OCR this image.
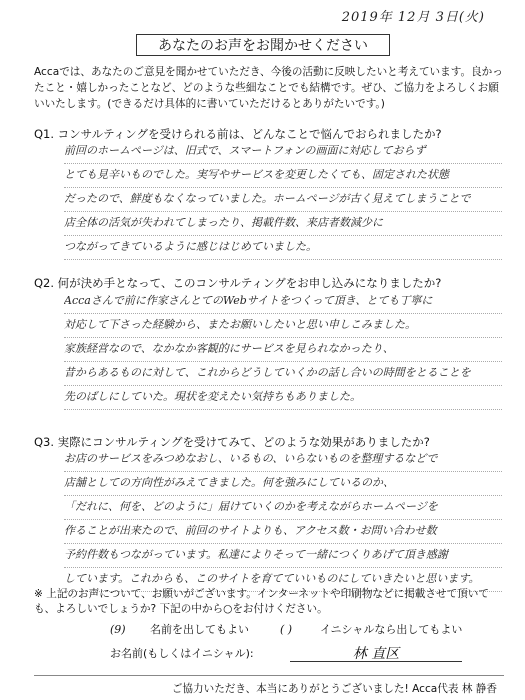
2019年 12月 3日(火)
あなたのお声をお聞かせください
Accaでは、あなたのご意見を聞かせていただき、今後の活動に反映したいと考えています。良かったこと・嬉しかったことなど、どのような些細なことでも結構です。ぜひ、ご協力をよろしくお願いいたします。(できるだけ具体的に書いていただけるとありがたいです。)
Q1. コンサルティングを受けられる前は、どんなことで悩んでおられましたか?
前回のホームページは、旧式で、スマートフォンの画面に対応しておらず
とても見辛いものでした。実写やサービスを変更したくても、固定された状態
だったので、鮮度もなくなっていました。ホームページが古く見えてしまうことで
店全体の活気が失われてしまったり、掲載件数、来店者数減少に
つながってきているように感じはじめていました。
Q2. 何が決め手となって、このコンサルティングをお申し込みになりましたか?
Accaさんで前に作家さんとてのWebサイトをつくって頂き、とても丁寧に
対応して下さった経験から、またお願いしたいと思い申しこみました。
家族経営なので、なかなか客観的にサービスを見られなかったり、
昔からあるものに対して、これからどうしていくかの話し合いの時間をとることを
先のばしにしていた。現状を変えたい気持ちもありました。
Q3. 実際にコンサルティングを受けてみて、どのような効果がありましたか?
お店のサービスをみつめなおし、いるもの、いらないものを整理するなどで
店舗としての方向性がみえてきました。何を強みにしているのか、
「だれに、何を、どのように」届けていくのかを考えながらホームページを
作ることが出来たので、前回のサイトよりも、アクセス数・お問い合わせ数
予約件数もつながっています。私達によりそって一緒につくりあげて頂き感謝
しています。これからも、このサイトを育てていいものにしていきたいと思います。
※ 上記のお声について、お願いがございます。インターネットや印刷物などに掲載させて頂いても、よろしいでしょうか? 下記の中から○をお付けください。
(9) 名前を出してもよい	( )	イニシャルなら出してもよい
お名前(もしくはイニシャル):	林 直区
ご協力いただき、本当にありがとうございました! Acca代表 林 静香
